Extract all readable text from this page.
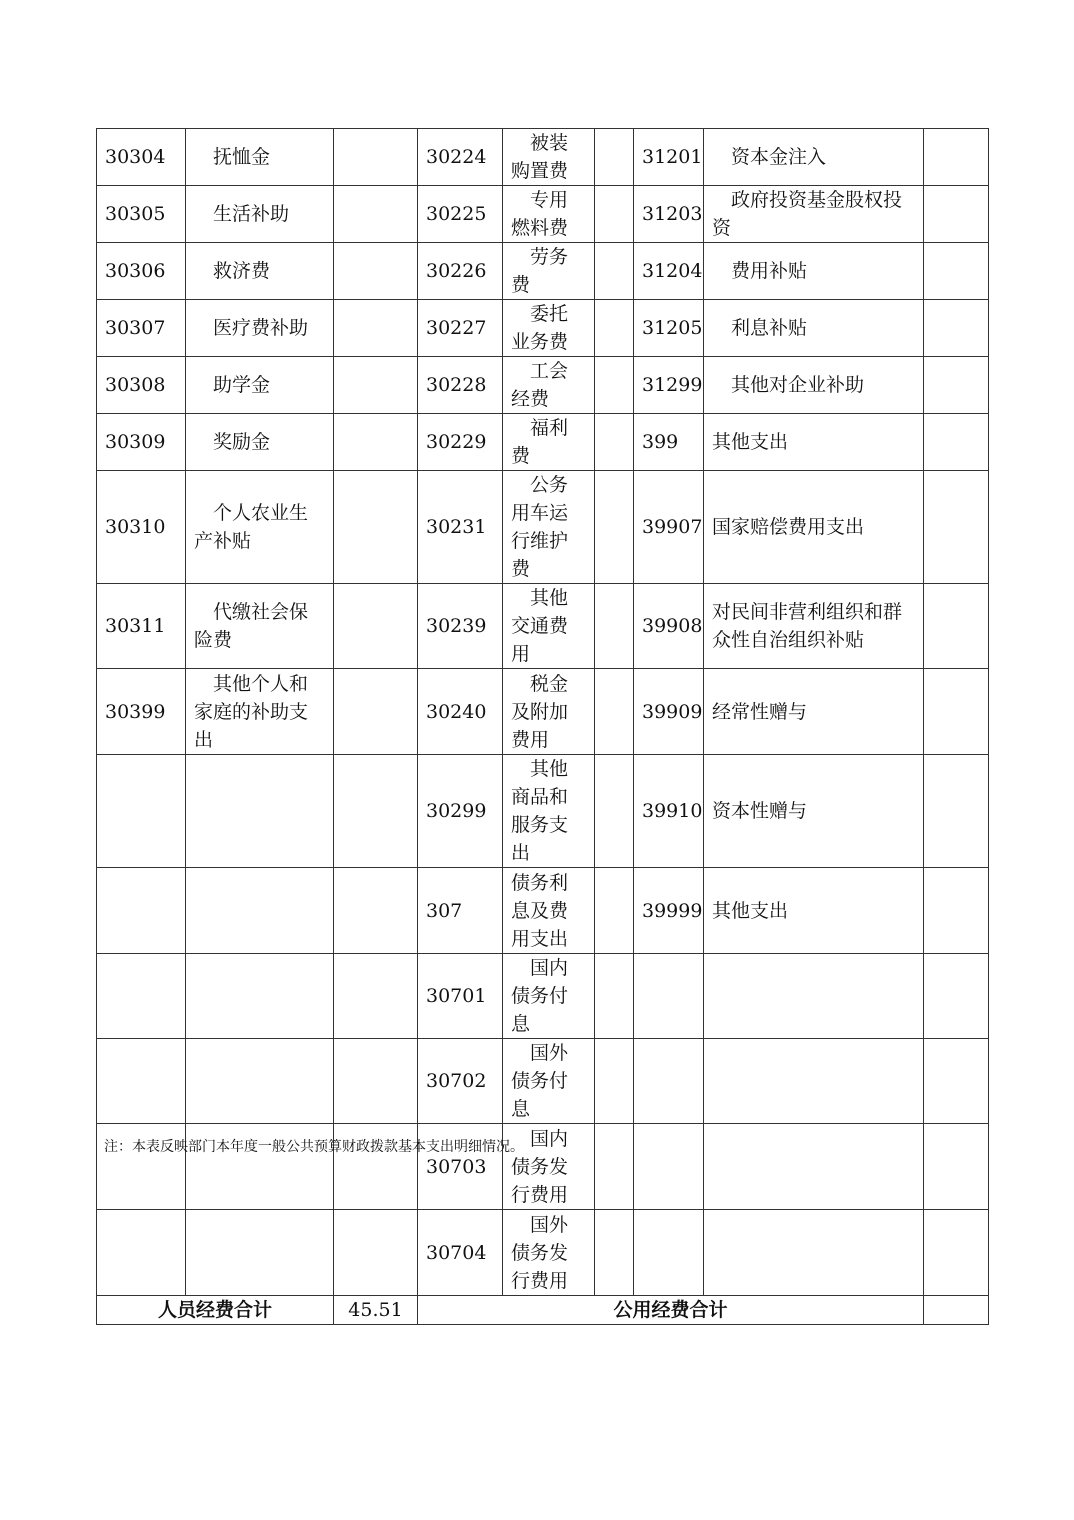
30304	抚恤金		30224	被装购置费		31201	资本金注入	
30305	生活补助		30225	专用燃料费		31203	政府投资基金股权投资	
30306	救济费		30226	劳务费		31204	费用补贴	
30307	医疗费补助		30227	委托业务费		31205	利息补贴	
30308	助学金		30228	工会经费		31299	其他对企业补助	
30309	奖励金		30229	福利费		399	其他支出	
30310	个人农业生产补贴		30231	公务用车运行维护费		39907	国家赔偿费用支出	
30311	代缴社会保险费		30239	其他交通费用		39908	对民间非营利组织和群众性自治组织补贴	
30399	其他个人和家庭的补助支出		30240	税金及附加费用		39909	经常性赠与	
			30299	其他商品和服务支出		39910	资本性赠与	
			307	债务利息及费用支出		39999	其他支出	
			30701	国内债务付息				
			30702	国外债务付息				
			30703	国内债务发行费用				
			30704	国外债务发行费用				
人员经费合计		45.51	公用经费合计					
注：本表反映部门本年度一般公共预算财政拨款基本支出明细情况。
